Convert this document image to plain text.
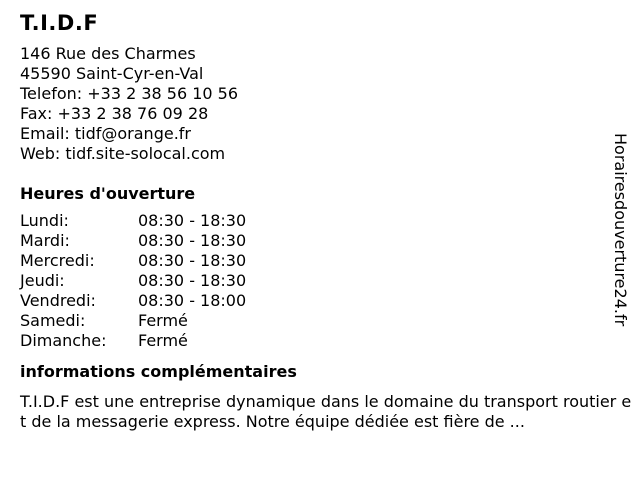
T.I.D.F
146 Rue des Charmes
45590 Saint-Cyr-en-Val
Telefon: +33 2 38 56 10 56
Fax: +33 2 38 76 09 28
Email: tidf@orange.fr
Web: tidf.site-solocal.com
Heures d'ouverture
Lundi:	08:30 - 18:30
Mardi:	08:30 - 18:30
Mercredi:	08:30 - 18:30
Jeudi:	08:30 - 18:30
Vendredi:	08:30 - 18:00
Samedi:	Fermé
Dimanche:	Fermé
informations complémentaires
T.I.D.F est une entreprise dynamique dans le domaine du transport routier et de la messagerie express. Notre équipe dédiée est fière de ...
Horairesdouverture24.fr
